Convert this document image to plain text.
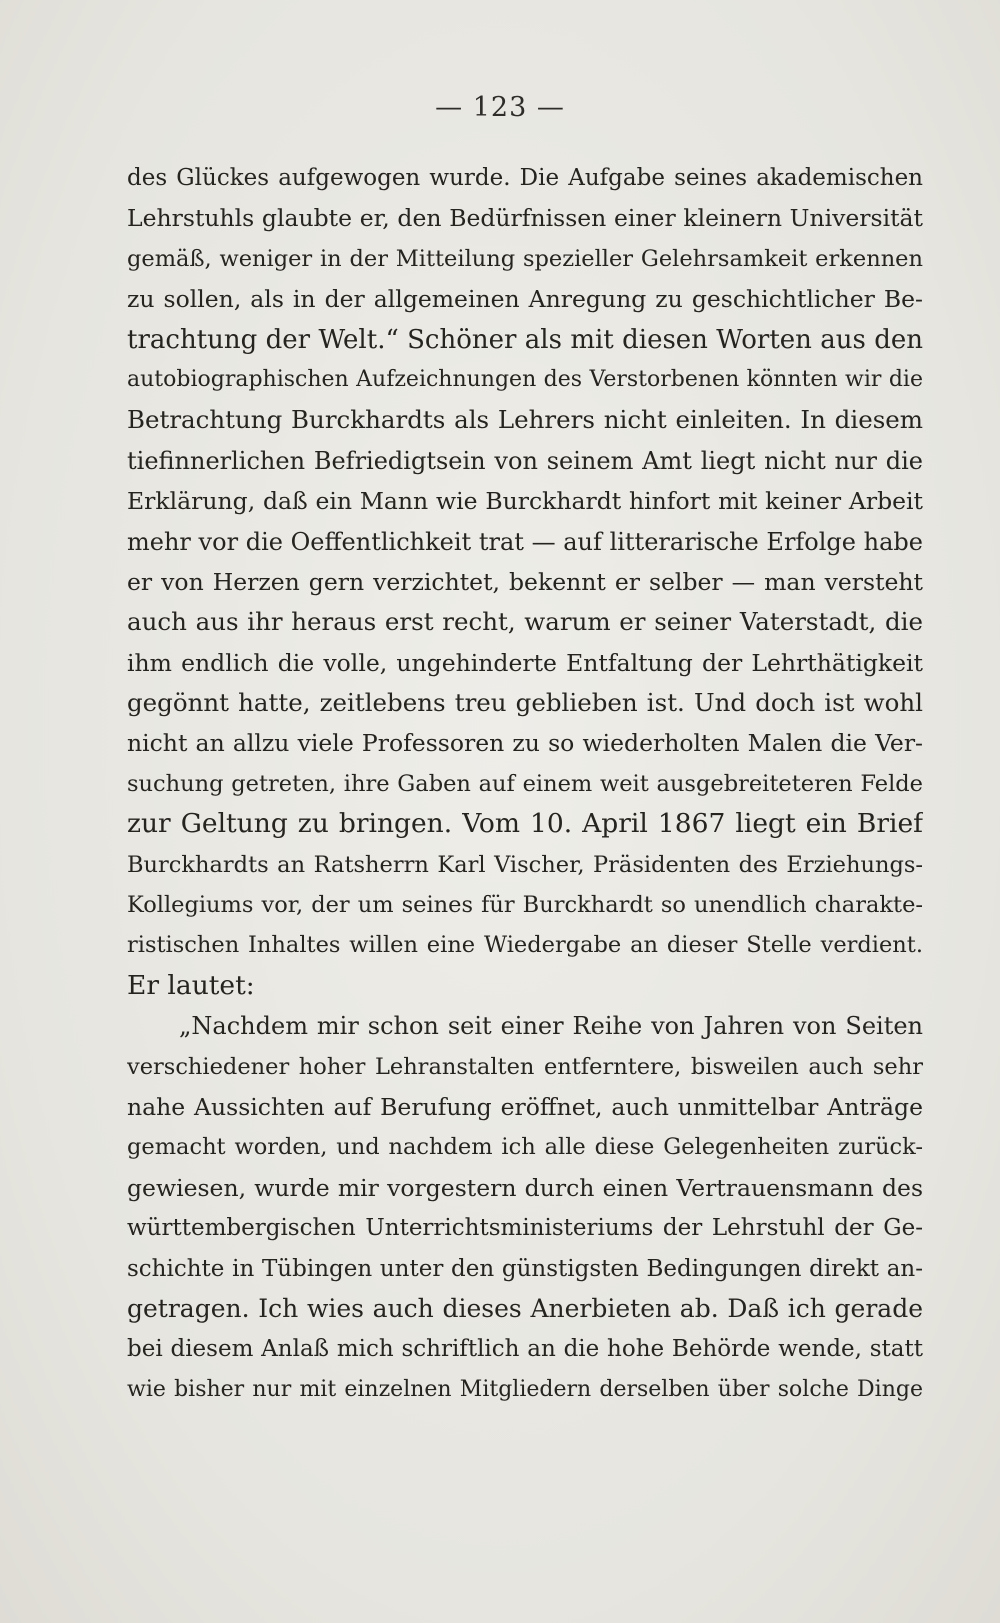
— 123 —
des Glückes aufgewogen wurde. Die Aufgabe seines akademischen
Lehrstuhls glaubte er, den Bedürfnissen einer kleinern Universität
gemäß, weniger in der Mitteilung spezieller Gelehrsamkeit erkennen
zu sollen, als in der allgemeinen Anregung zu geschichtlicher Be-
trachtung der Welt.“ Schöner als mit diesen Worten aus den
autobiographischen Aufzeichnungen des Verstorbenen könnten wir die
Betrachtung Burckhardts als Lehrers nicht einleiten. In diesem
tiefinnerlichen Befriedigtsein von seinem Amt liegt nicht nur die
Erklärung, daß ein Mann wie Burckhardt hinfort mit keiner Arbeit
mehr vor die Oeffentlichkeit trat — auf litterarische Erfolge habe
er von Herzen gern verzichtet, bekennt er selber — man versteht
auch aus ihr heraus erst recht, warum er seiner Vaterstadt, die
ihm endlich die volle, ungehinderte Entfaltung der Lehrthätigkeit
gegönnt hatte, zeitlebens treu geblieben ist. Und doch ist wohl
nicht an allzu viele Professoren zu so wiederholten Malen die Ver-
suchung getreten, ihre Gaben auf einem weit ausgebreiteteren Felde
zur Geltung zu bringen. Vom 10. April 1867 liegt ein Brief
Burckhardts an Ratsherrn Karl Vischer, Präsidenten des Erziehungs-
Kollegiums vor, der um seines für Burckhardt so unendlich charakte-
ristischen Inhaltes willen eine Wiedergabe an dieser Stelle verdient.
Er lautet:
„Nachdem mir schon seit einer Reihe von Jahren von Seiten
verschiedener hoher Lehranstalten entferntere, bisweilen auch sehr
nahe Aussichten auf Berufung eröffnet, auch unmittelbar Anträge
gemacht worden, und nachdem ich alle diese Gelegenheiten zurück-
gewiesen, wurde mir vorgestern durch einen Vertrauensmann des
württembergischen Unterrichtsministeriums der Lehrstuhl der Ge-
schichte in Tübingen unter den günstigsten Bedingungen direkt an-
getragen. Ich wies auch dieses Anerbieten ab. Daß ich gerade
bei diesem Anlaß mich schriftlich an die hohe Behörde wende, statt
wie bisher nur mit einzelnen Mitgliedern derselben über solche Dinge
